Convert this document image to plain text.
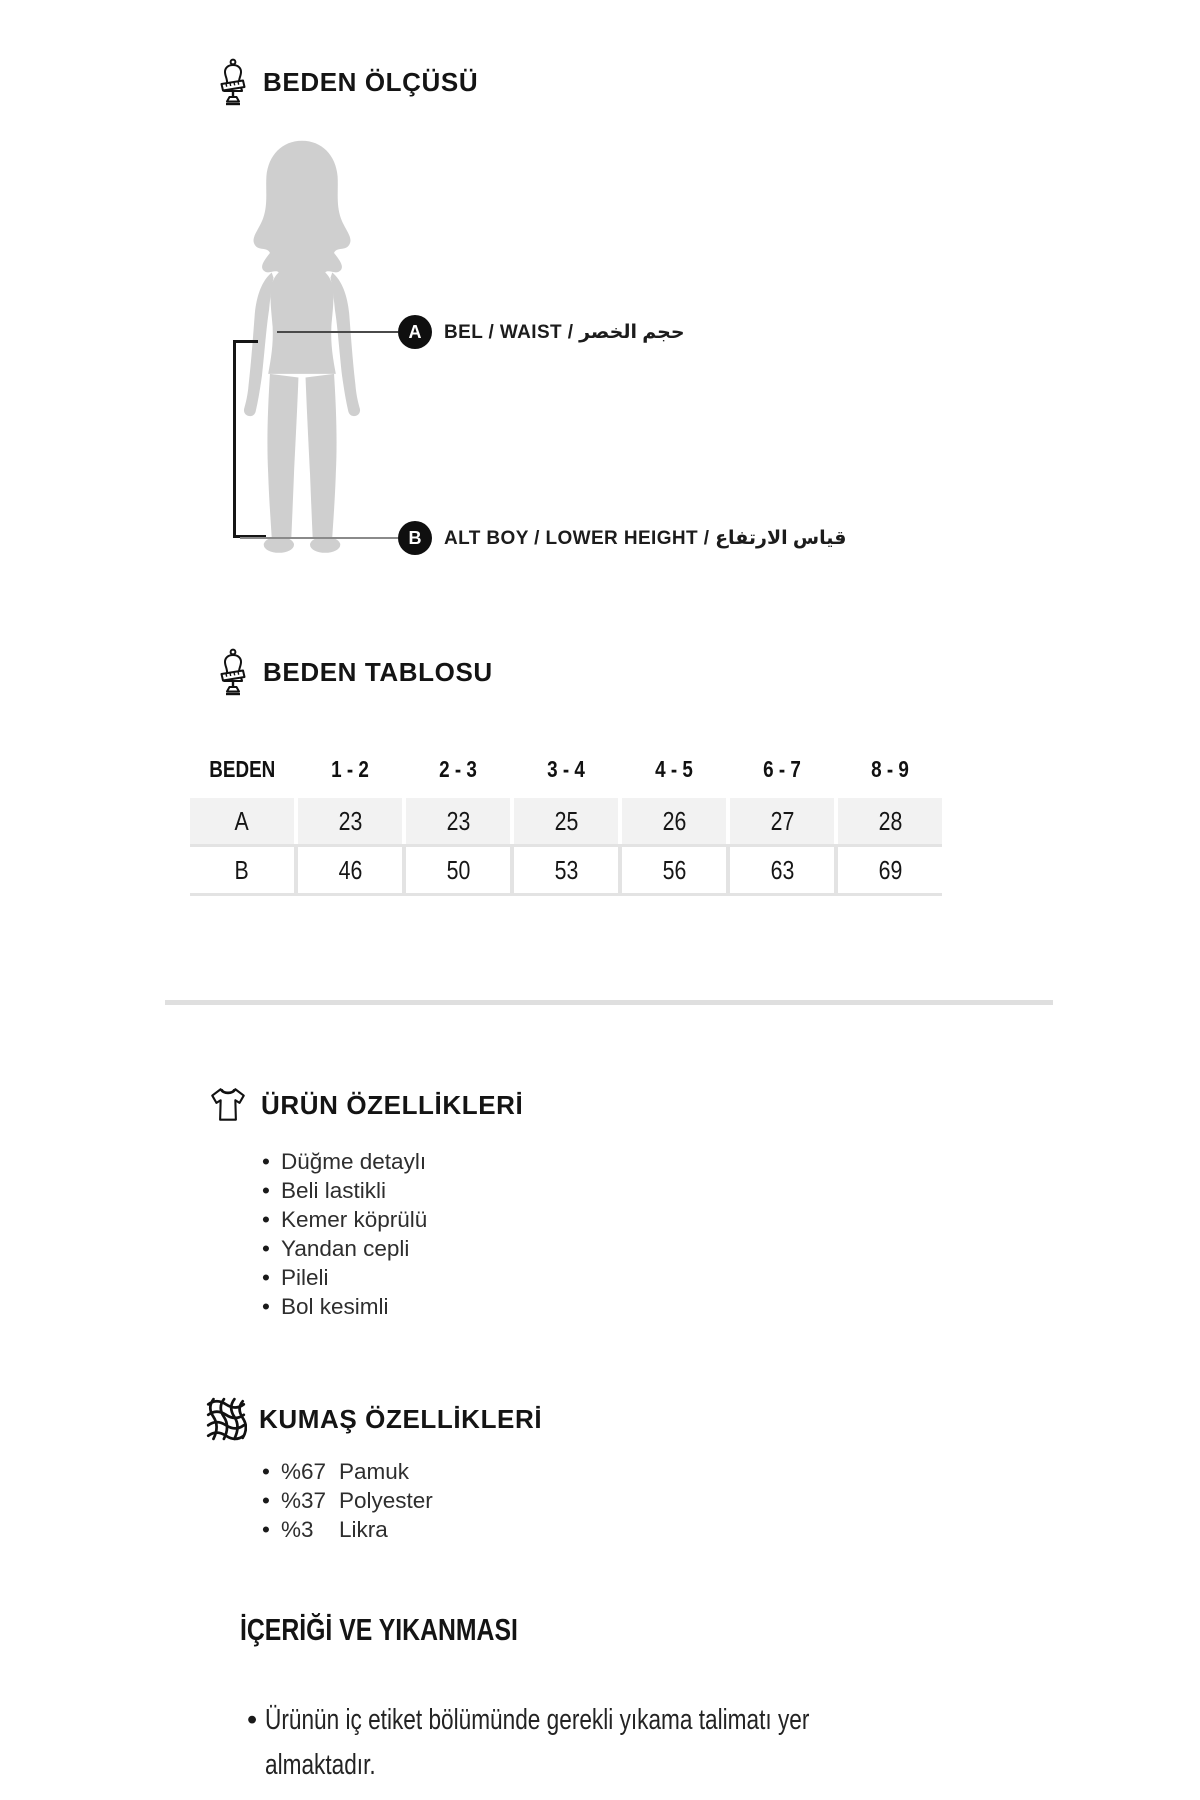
BEDEN ÖLÇÜSÜ
A BEL / WAIST / حجم الخصر
B ALT BOY / LOWER HEIGHT / قياس الارتفاع
BEDEN TABLOSU
BEDEN 1 - 2	2 - 3	3 - 4	4 - 5	6 - 7	8 - 9
A	23	23	25	26	27	28
B	46	50	53	56	63	69
ÜRÜN ÖZELLİKLERİ
• Düğme detaylı
• Beli lastikli
• Kemer köprülü
• Yandan cepli
• Pileli
• Bol kesimli
KUMAŞ ÖZELLİKLERİ
• %67 Pamuk
• %37 Polyester
• %3 Likra
İÇERİĞİ VE YIKANMASI
• Ürünün iç etiket bölümünde gerekli yıkama talimatı yer almaktadır.
